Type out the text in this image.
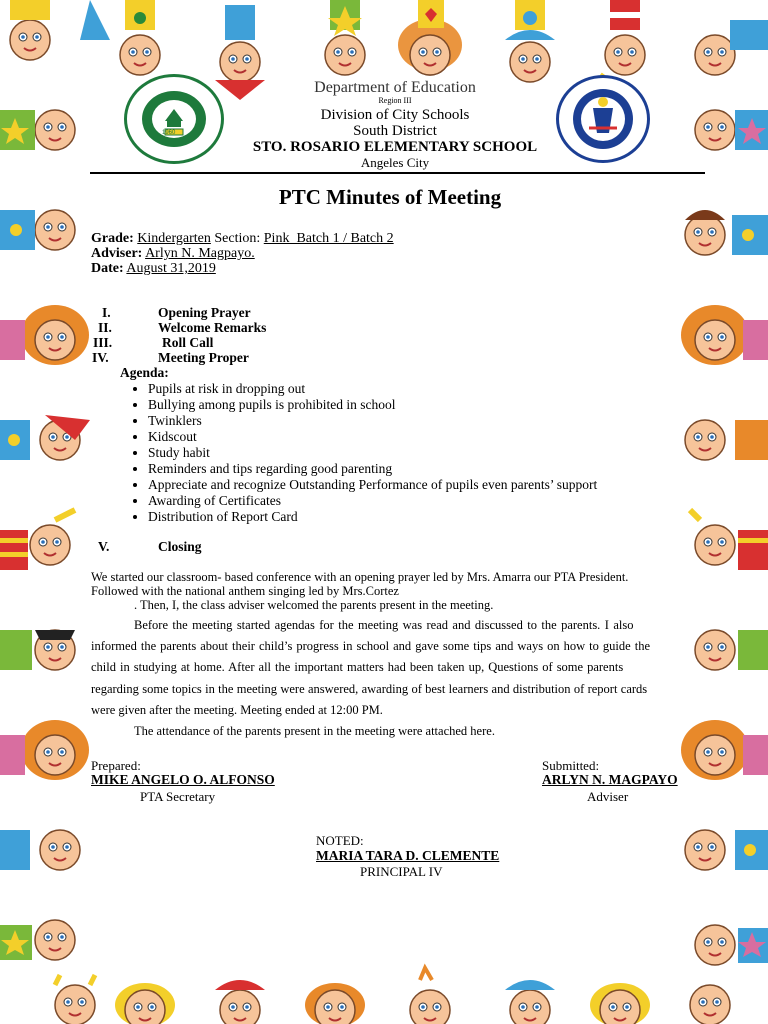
1960
Department of Education
Region III
Division of City Schools
South District
STO. ROSARIO ELEMENTARY SCHOOL
Angeles City
PTC Minutes of Meeting
Grade: Kindergarten Section: Pink  Batch 1 / Batch 2
Adviser: Arlyn N. Magpayo.
Date: August 31,2019
I.	Opening Prayer
II.	Welcome Remarks
III.	Roll Call
IV.	Meeting Proper
Agenda:
• Pupils at risk in dropping out
• Bullying among pupils is prohibited in school
• Twinklers
• Kidscout
• Study habit
• Reminders and tips regarding good parenting
• Appreciate and recognize Outstanding Performance of pupils even parents’ support
• Awarding of Certificates
• Distribution of Report Card
V.	Closing
We started our classroom- based conference with an opening prayer led by Mrs. Amarra our PTA President.
Followed with the national anthem singing led by Mrs.Cortez
. Then, I, the class adviser welcomed the parents present in the meeting.
Before the meeting started agendas for the meeting was read and discussed to the parents. I also
informed the parents about their child’s progress in school and gave some tips and ways on how to guide the
child in studying at home. After all the important matters had been taken up, Questions of some parents
regarding some topics in the meeting were answered, awarding of best learners and distribution of report cards
were given after the meeting. Meeting ended at 12:00 PM.
The attendance of the parents present in the meeting were attached here.
Prepared:
MIKE ANGELO O. ALFONSO
PTA Secretary
Submitted:
ARLYN N. MAGPAYO
Adviser
NOTED:
MARIA TARA D. CLEMENTE
PRINCIPAL IV
